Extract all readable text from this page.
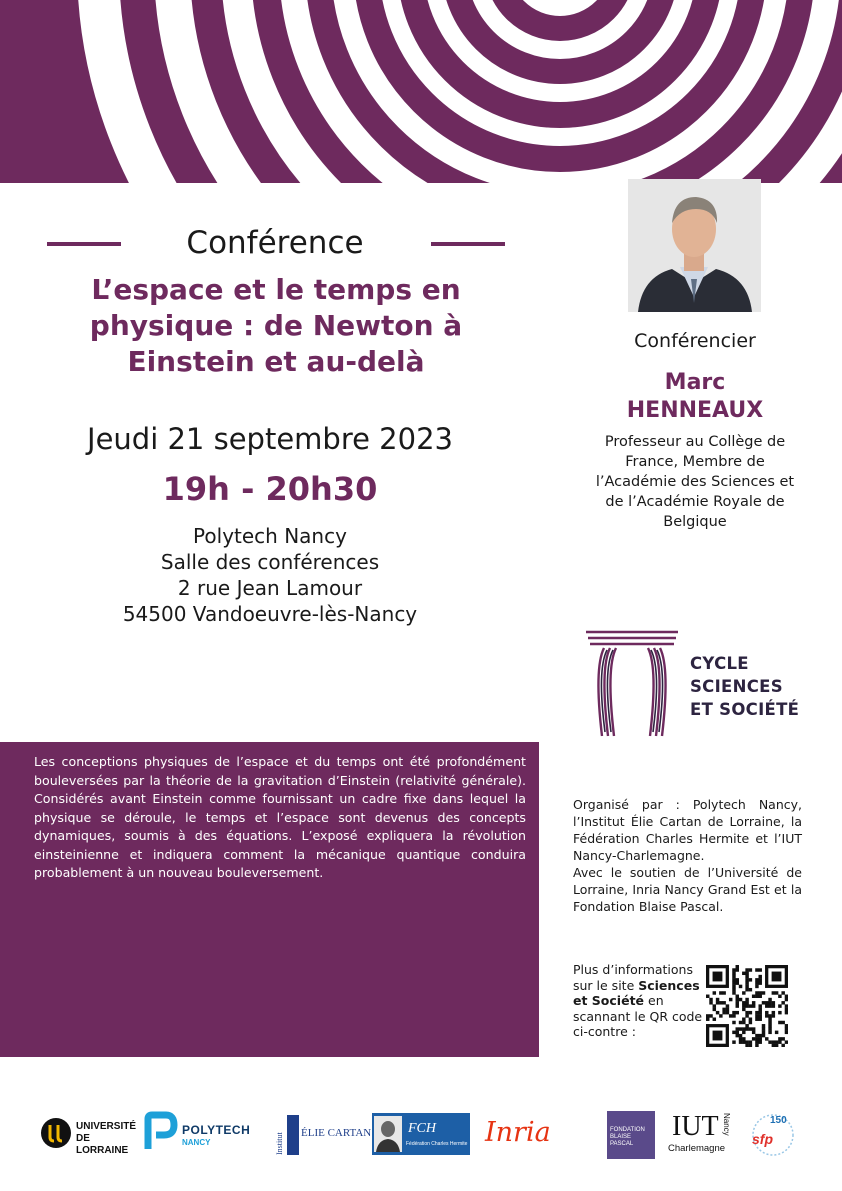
Conférence
L’espace et le temps en
physique : de Newton à
Einstein et au-delà
Jeudi 21 septembre 2023
19h - 20h30
Polytech Nancy
Salle des conférences
2 rue Jean Lamour
54500 Vandoeuvre-lès-Nancy
Conférencier
Marc
HENNEAUX
Professeur au Collège de France, Membre de l’Académie des Sciences et de l’Académie Royale de Belgique
CYCLE
SCIENCES
ET SOCIÉTÉ
Les conceptions physiques de l’espace et du temps ont été profondément bouleversées par la théorie de la gravitation d’Einstein (relativité générale). Considérés avant Einstein comme fournissant un cadre fixe dans lequel la physique se déroule, le temps et l’espace sont devenus des concepts dynamiques, soumis à des équations. L’exposé expliquera la révolution einsteinienne et indiquera comment la mécanique quantique conduira probablement à un nouveau bouleversement.
Organisé par : Polytech Nancy, l’Institut Élie Cartan de Lorraine, la Fédération Charles Hermite et l’IUT Nancy-Charlemagne.
Avec le soutien de l’Université de Lorraine, Inria Nancy Grand Est et la Fondation Blaise Pascal.
Plus d’informations sur le site Sciences et Société en scannant le QR code ci-contre :
UNIVERSITÉ
DE LORRAINE
POLYTECH
NANCY	Institut ÉLIE CARTAN	FCH
Fédération Charles Hermite Inria	FONDATION
BLAISE
PASCAL
IUT
Charlemagne
Nancy	150
sfp
